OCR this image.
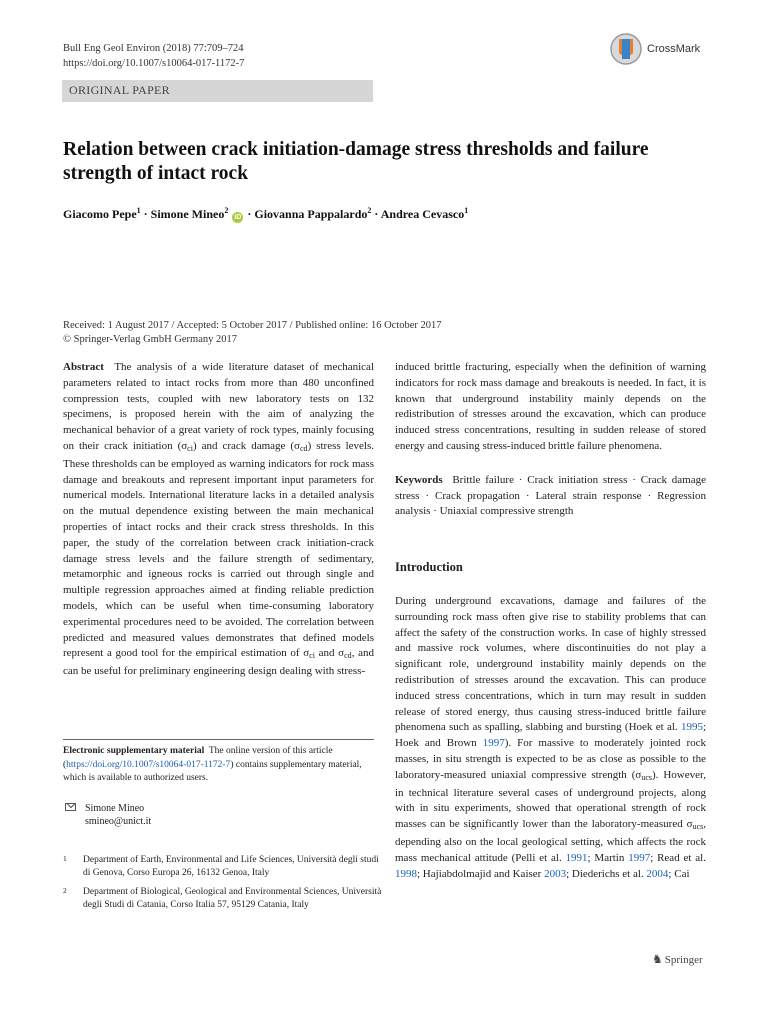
Bull Eng Geol Environ (2018) 77:709–724
https://doi.org/10.1007/s10064-017-1172-7
CrossMark
ORIGINAL PAPER
Relation between crack initiation-damage stress thresholds and failure strength of intact rock
Giacomo Pepe$^1$ · Simone Mineo$^2$ iD · Giovanna Pappalardo$^2$ · Andrea Cevasco$^1$
Received: 1 August 2017 / Accepted: 5 October 2017 / Published online: 16 October 2017
© Springer-Verlag GmbH Germany 2017

Abstract The analysis of a wide literature dataset of mechanical parameters related to intact rocks from more than 480 unconfined compression tests, coupled with new laboratory tests on 132 specimens, is proposed herein with the aim of analyzing the mechanical behavior of a great variety of rock types, mainly focusing on their crack initiation $(\sigma_{ci})$ and crack damage $(\sigma_{cd})$ stress levels. These thresholds can be employed as warning indicators for rock mass damage and breakouts and represent important input parameters for numerical models. International literature lacks in a detailed analysis on the mutual dependence existing between the main mechanical properties of intact rocks and their crack stress thresholds. In this paper, the study of the correlation between crack initiation-crack damage stress levels and the failure strength of sedimentary, metamorphic and igneous rocks is carried out through single and multiple regression approaches aimed at finding reliable prediction models, which can be useful when time-consuming laboratory experimental procedures need to be avoided. The correlation between predicted and measured values demonstrates that defined models represent a good tool for the empirical estimation of $\sigma_{ci}$ and $\sigma_{cd}$, and can be useful for preliminary engineering design dealing with stress-

Electronic supplementary material The online version of this article (https://doi.org/10.1007/s10064-017-1172-7) contains supplementary material, which is available to authorized users.
Simone Mineo
smineo@unict.it
1 Department of Earth, Environmental and Life Sciences, Università degli studi di Genova, Corso Europa 26, 16132 Genoa, Italy
2 Department of Biological, Geological and Environmental Sciences, Università degli Studi di Catania, Corso Italia 57, 95129 Catania, Italy

induced brittle fracturing, especially when the definition of warning indicators for rock mass damage and breakouts is needed. In fact, it is known that underground instability mainly depends on the redistribution of stresses around the excavation, which can produce induced stress concentrations, resulting in sudden release of stored energy and causing stress-induced brittle failure phenomena.

Keywords Brittle failure · Crack initiation stress · Crack damage stress · Crack propagation · Lateral strain response · Regression analysis · Uniaxial compressive strength

Introduction

During underground excavations, damage and failures of the surrounding rock mass often give rise to stability problems that can affect the safety of the construction works. In case of highly stressed and massive rock volumes, where discontinuities do not play a significant role, underground instability mainly depends on the redistribution of stresses around the excavation. This can produce induced stress concentrations, which in turn may result in sudden release of stored energy, thus causing stress-induced brittle failure phenomena such as spalling, slabbing and bursting (Hoek et al. 1995; Hoek and Brown 1997). For massive to moderately jointed rock masses, in situ strength is expected to be as close as possible to the laboratory-measured uniaxial compressive strength $(\sigma_{ucs})$. However, in technical literature several cases of underground projects, along with in situ experiments, showed that operational strength of rock masses can be significantly lower than the laboratory-measured $\sigma_{ucs}$, depending also on the local geological setting, which affects the rock mass mechanical attitude (Pelli et al. 1991; Martin 1997; Read et al. 1998; Hajiabdolmajid and Kaiser 2003; Diederichs et al. 2004; Cai

♞ Springer
